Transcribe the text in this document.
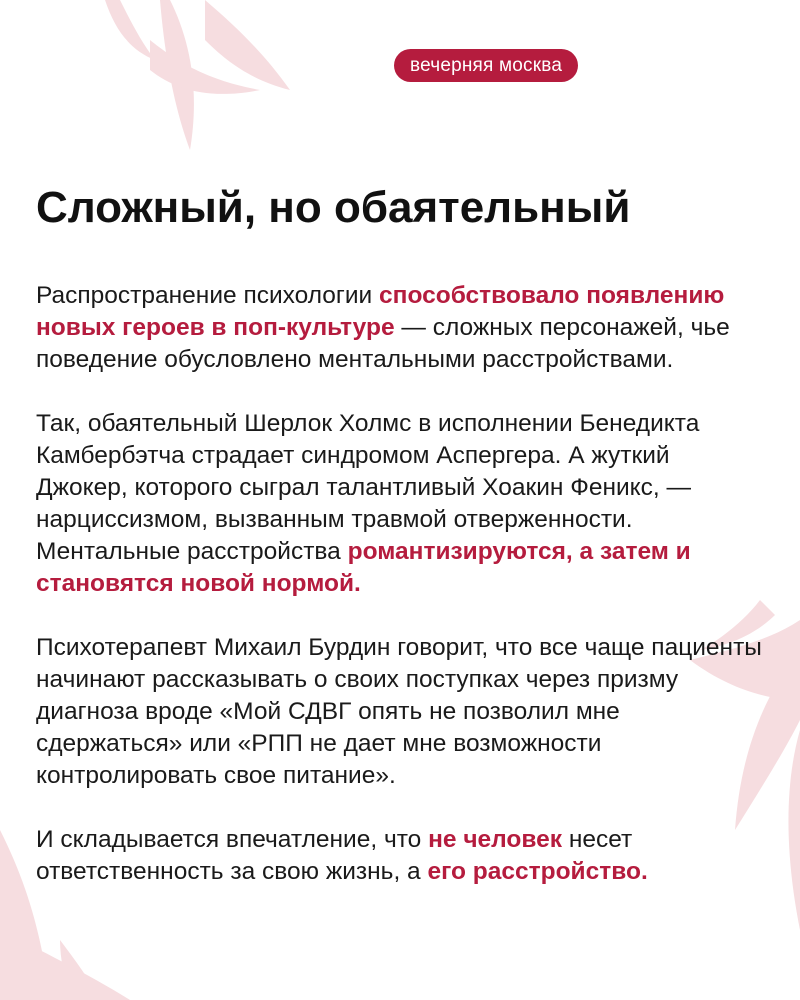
вечерняя москва
Сложный, но обаятельный

Распространение психологии способствовало появлению новых героев в поп-культуре — сложных персонажей, чье поведение обусловлено ментальными расстройствами.

Так, обаятельный Шерлок Холмс в исполнении Бенедикта Камбербэтча страдает синдромом Аспергера. А жуткий Джокер, которого сыграл талантливый Хоакин Феникс, — нарциссизмом, вызванным травмой отверженности. Ментальные расстройства романтизируются, а затем и становятся новой нормой.

Психотерапевт Михаил Бурдин говорит, что все чаще пациенты начинают рассказывать о своих поступках через призму диагноза вроде «Мой СДВГ опять не позволил мне сдержаться» или «РПП не дает мне возможности контролировать свое питание».

И складывается впечатление, что не человек несет ответственность за свою жизнь, а его расстройство.
